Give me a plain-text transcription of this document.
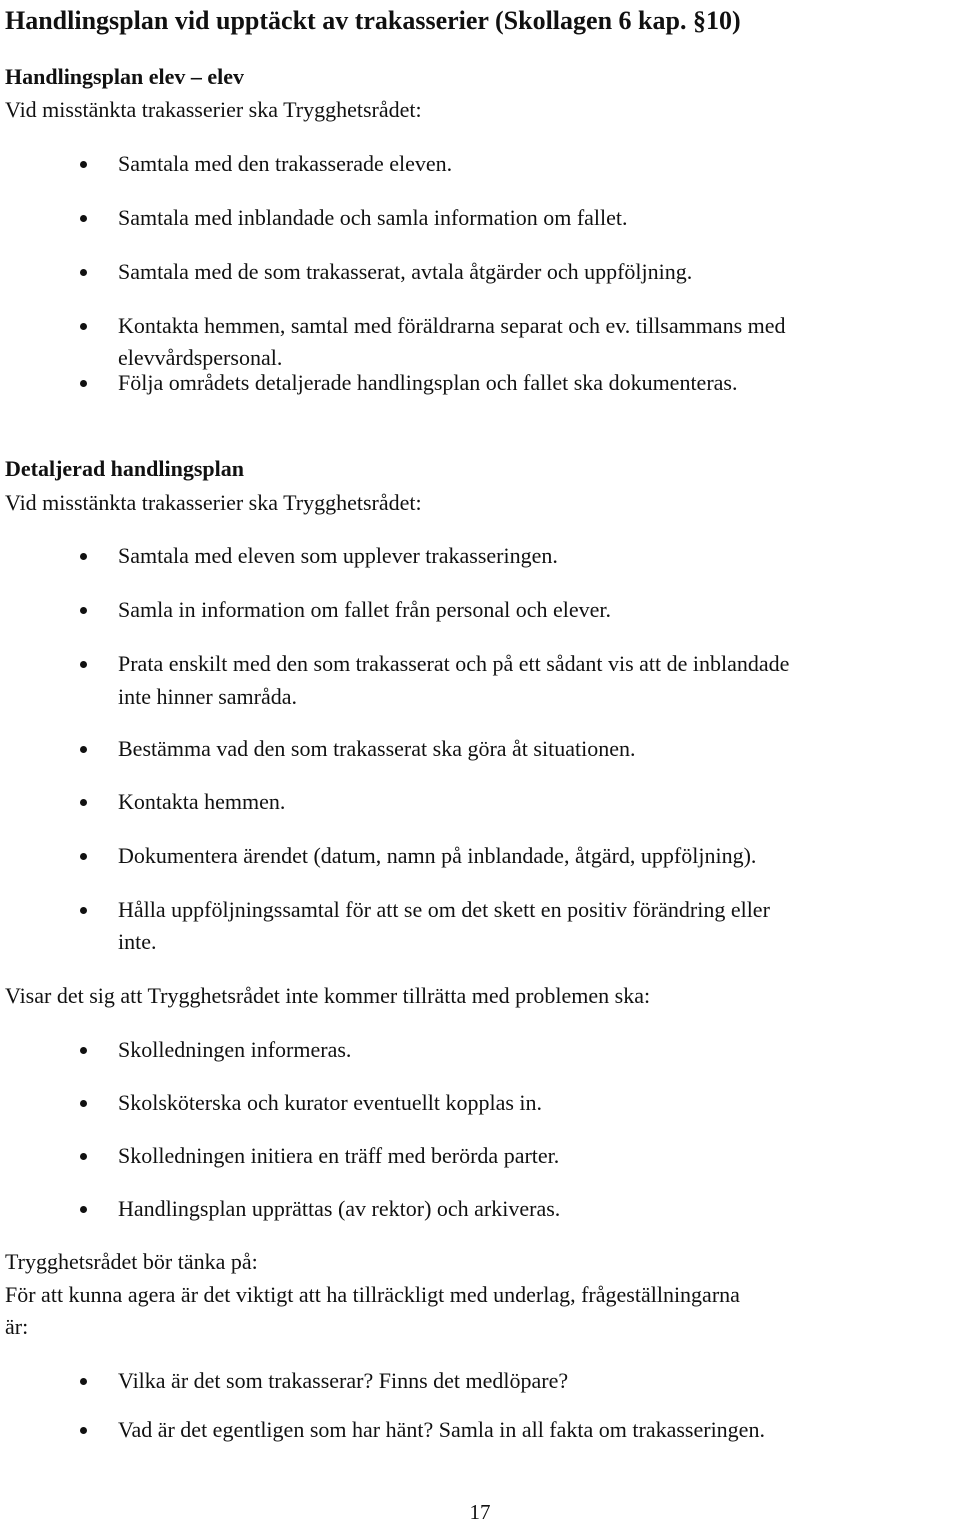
Handlingsplan vid upptäckt av trakasserier (Skollagen 6 kap. §10)
Handlingsplan elev – elev
Vid misstänkta trakasserier ska Trygghetsrådet:
Samtala med den trakasserade eleven.
Samtala med inblandade och samla information om fallet.
Samtala med de som trakasserat, avtala åtgärder och uppföljning.
Kontakta hemmen, samtal med föräldrarna separat och ev. tillsammans med
elevvårdspersonal.
Följa områdets detaljerade handlingsplan och fallet ska dokumenteras.
Detaljerad handlingsplan
Vid misstänkta trakasserier ska Trygghetsrådet:
Samtala med eleven som upplever trakasseringen.
Samla in information om fallet från personal och elever.
Prata enskilt med den som trakasserat och på ett sådant vis att de inblandade
inte hinner samråda.
Bestämma vad den som trakasserat ska göra åt situationen.
Kontakta hemmen.
Dokumentera ärendet (datum, namn på inblandade, åtgärd, uppföljning).
Hålla uppföljningssamtal för att se om det skett en positiv förändring eller
inte.
Visar det sig att Trygghetsrådet inte kommer tillrätta med problemen ska:
Skolledningen informeras.
Skolsköterska och kurator eventuellt kopplas in.
Skolledningen initiera en träff med berörda parter.
Handlingsplan upprättas (av rektor) och arkiveras.
Trygghetsrådet bör tänka på:
För att kunna agera är det viktigt att ha tillräckligt med underlag, frågeställningarna
är:
Vilka är det som trakasserar? Finns det medlöpare?
Vad är det egentligen som har hänt? Samla in all fakta om trakasseringen.
17
